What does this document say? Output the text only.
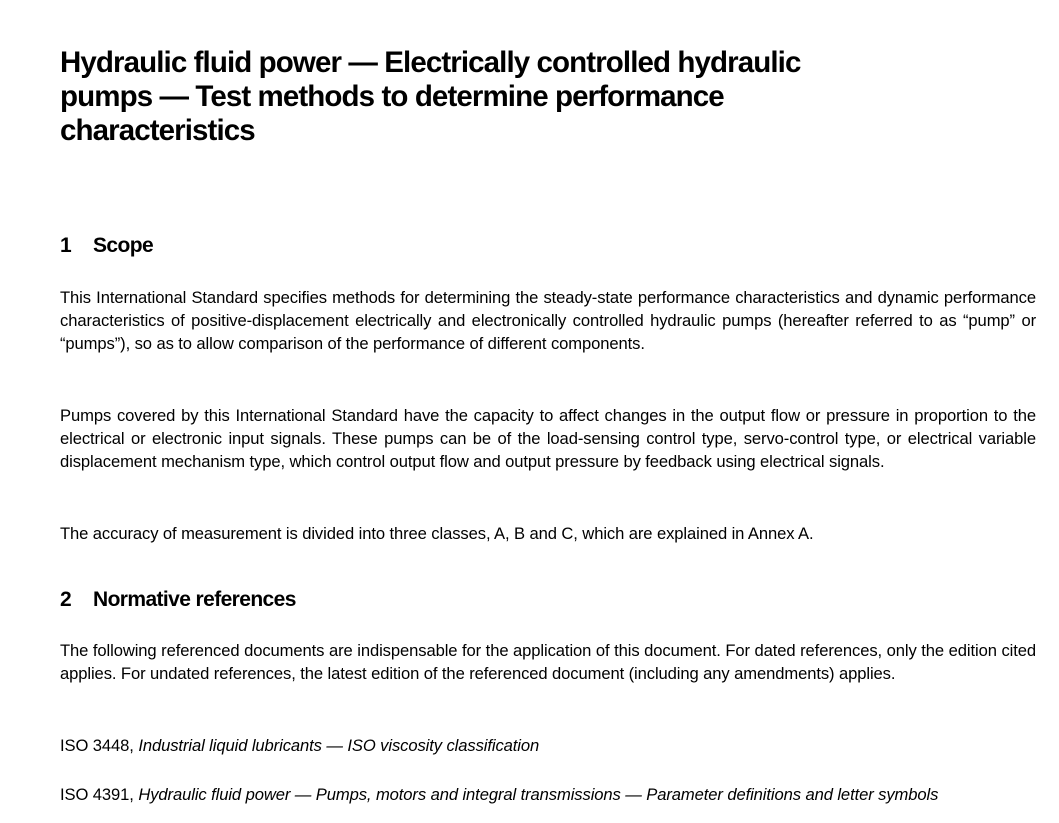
Hydraulic fluid power — Electrically controlled hydraulic pumps — Test methods to determine performance characteristics
1 Scope

This International Standard specifies methods for determining the steady-state performance characteristics and dynamic performance characteristics of positive-displacement electrically and electronically controlled hydraulic pumps (hereafter referred to as “pump” or “pumps”), so as to allow comparison of the performance of different components.

Pumps covered by this International Standard have the capacity to affect changes in the output flow or pressure in proportion to the electrical or electronic input signals. These pumps can be of the load-sensing control type, servo-control type, or electrical variable displacement mechanism type, which control output flow and output pressure by feedback using electrical signals.

The accuracy of measurement is divided into three classes, A, B and C, which are explained in Annex A.

2 Normative references

The following referenced documents are indispensable for the application of this document. For dated references, only the edition cited applies. For undated references, the latest edition of the referenced document (including any amendments) applies.

ISO 3448, Industrial liquid lubricants — ISO viscosity classification

ISO 4391, Hydraulic fluid power — Pumps, motors and integral transmissions — Parameter definitions and letter symbols
